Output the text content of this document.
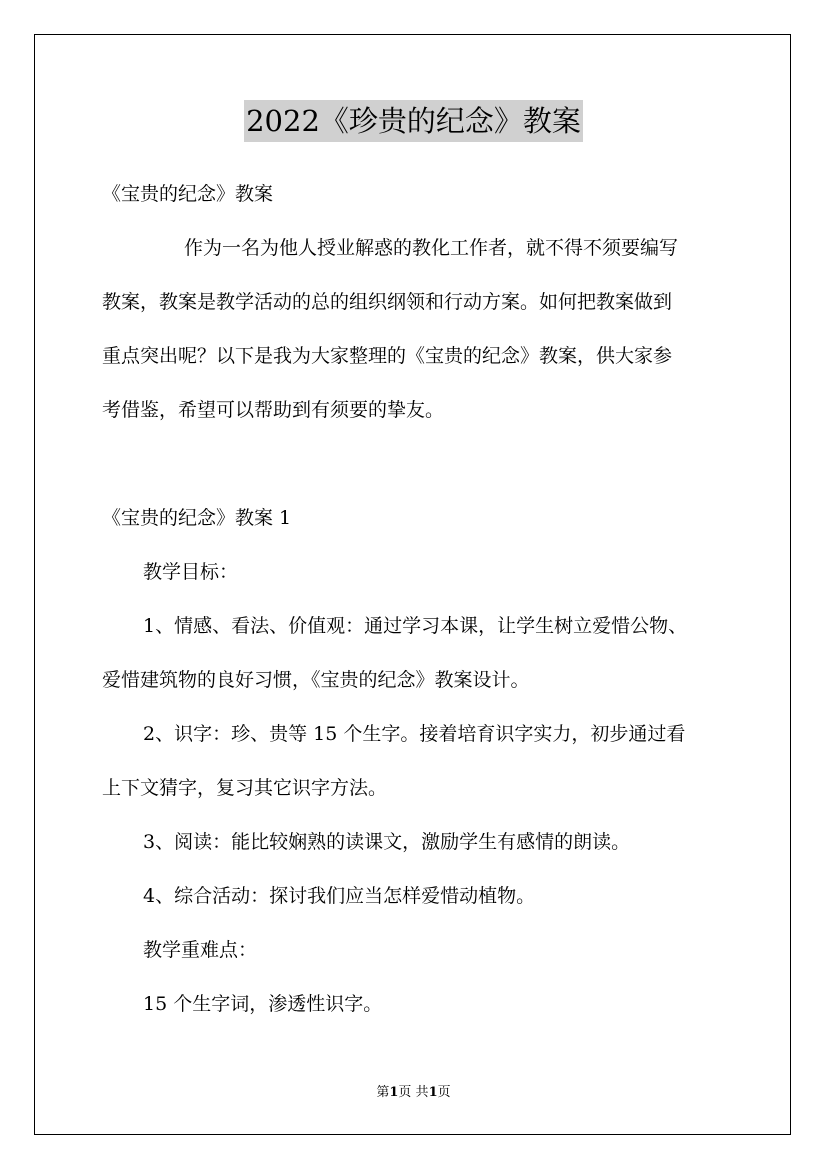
2022《珍贵的纪念》教案
《宝贵的纪念》教案
作为一名为他人授业解惑的教化工作者，就不得不须要编写
教案，教案是教学活动的总的组织纲领和行动方案。如何把教案做到
重点突出呢？以下是我为大家整理的《宝贵的纪念》教案，供大家参
考借鉴，希望可以帮助到有须要的挚友。
《宝贵的纪念》教案 1
教学目标：
1、情感、看法、价值观：通过学习本课，让学生树立爱惜公物、
爱惜建筑物的良好习惯，《宝贵的纪念》教案设计。
2、识字：珍、贵等 15 个生字。接着培育识字实力，初步通过看
上下文猜字，复习其它识字方法。
3、阅读：能比较娴熟的读课文，激励学生有感情的朗读。
4、综合活动：探讨我们应当怎样爱惜动植物。
教学重难点：
15 个生字词，渗透性识字。
第1页 共1页
